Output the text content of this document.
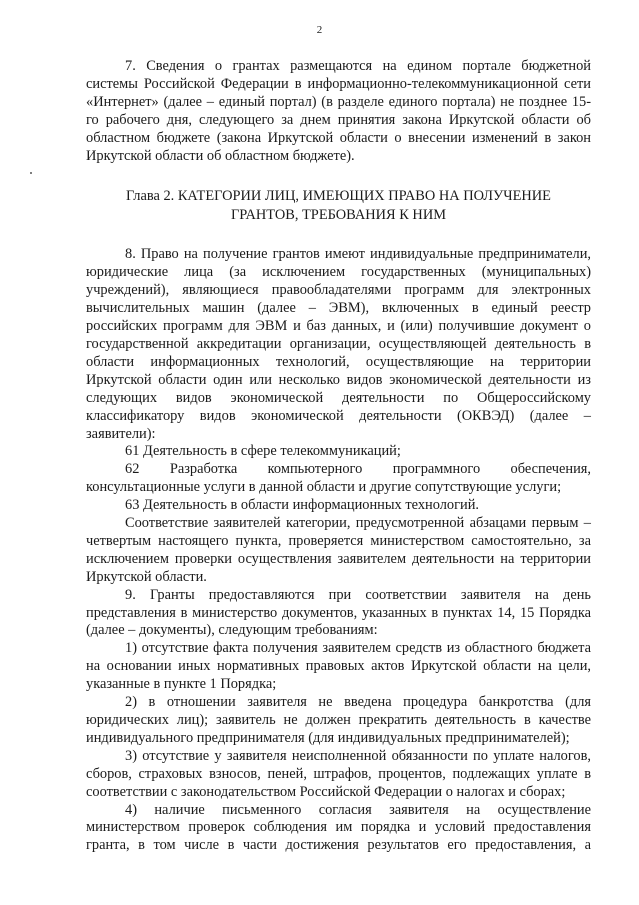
2

7. Сведения о грантах размещаются на едином портале бюджетной системы Российской Федерации в информационно-телекоммуникационной сети «Интернет» (далее – единый портал) (в разделе единого портала) не позднее 15-го рабочего дня, следующего за днем принятия закона Иркутской области об областном бюджете (закона Иркутской области о внесении изменений в закон Иркутской области об областном бюджете).

Глава 2. КАТЕГОРИИ ЛИЦ, ИМЕЮЩИХ ПРАВО НА ПОЛУЧЕНИЕ
ГРАНТОВ, ТРЕБОВАНИЯ К НИМ

8. Право на получение грантов имеют индивидуальные предприниматели, юридические лица (за исключением государственных (муниципальных) учреждений), являющиеся правообладателями программ для электронных вычислительных машин (далее – ЭВМ), включенных в единый реестр российских программ для ЭВМ и баз данных, и (или) получившие документ о государственной аккредитации организации, осуществляющей деятельность в области информационных технологий, осуществляющие на территории Иркутской области один или несколько видов экономической деятельности из следующих видов экономической деятельности по Общероссийскому классификатору видов экономической деятельности (ОКВЭД) (далее – заявители):

61 Деятельность в сфере телекоммуникаций;

62 Разработка компьютерного программного обеспечения, консультационные услуги в данной области и другие сопутствующие услуги;

63 Деятельность в области информационных технологий.

Соответствие заявителей категории, предусмотренной абзацами первым – четвертым настоящего пункта, проверяется министерством самостоятельно, за исключением проверки осуществления заявителем деятельности на территории Иркутской области.

9. Гранты предоставляются при соответствии заявителя на день представления в министерство документов, указанных в пунктах 14, 15 Порядка (далее – документы), следующим требованиям:

1) отсутствие факта получения заявителем средств из областного бюджета на основании иных нормативных правовых актов Иркутской области на цели, указанные в пункте 1 Порядка;

2) в отношении заявителя не введена процедура банкротства (для юридических лиц); заявитель не должен прекратить деятельность в качестве индивидуального предпринимателя (для индивидуальных предпринимателей);

3) отсутствие у заявителя неисполненной обязанности по уплате налогов, сборов, страховых взносов, пеней, штрафов, процентов, подлежащих уплате в соответствии с законодательством Российской Федерации о налогах и сборах;

4) наличие письменного согласия заявителя на осуществление министерством проверок соблюдения им порядка и условий предоставления гранта, в том числе в части достижения результатов его предоставления, а
